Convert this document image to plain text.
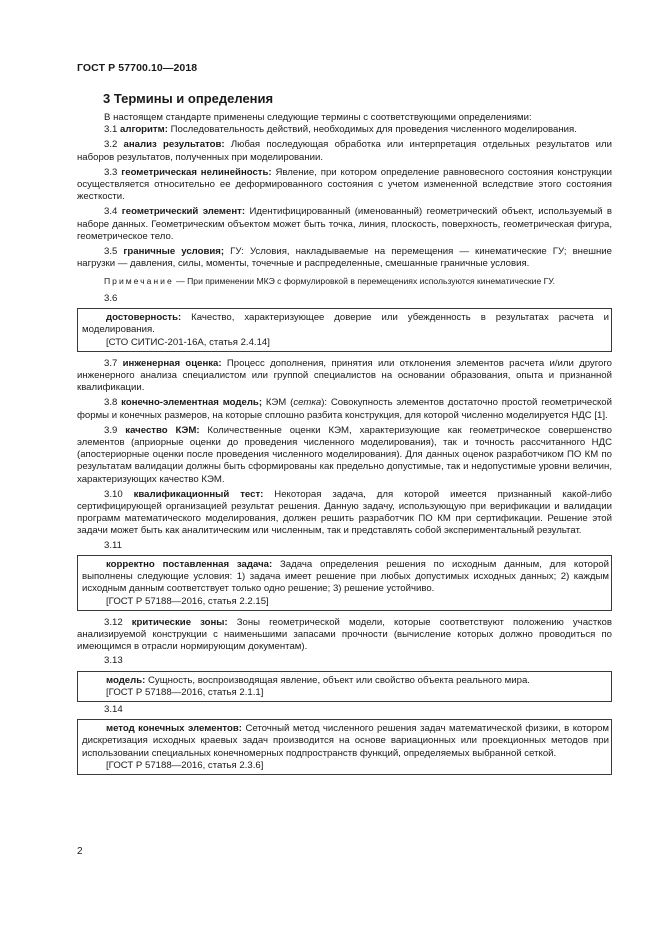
ГОСТ Р 57700.10—2018
3 Термины и определения

В настоящем стандарте применены следующие термины с соответствующими определениями:

3.1 алгоритм: Последовательность действий, необходимых для проведения численного моделирования.

3.2 анализ результатов: Любая последующая обработка или интерпретация отдельных результатов или наборов результатов, полученных при моделировании.

3.3 геометрическая нелинейность: Явление, при котором определение равновесного состояния конструкции осуществляется относительно ее деформированного состояния с учетом измененной вследствие этого состояния жесткости.

3.4 геометрический элемент: Идентифицированный (именованный) геометрический объект, используемый в наборе данных. Геометрическим объектом может быть точка, линия, плоскость, поверхность, геометрическая фигура, геометрическое тело.

3.5 граничные условия; ГУ: Условия, накладываемые на перемещения — кинематические ГУ; внешние нагрузки — давления, силы, моменты, точечные и распределенные, смешанные граничные условия.

Примечание — При применении МКЭ с формулировкой в перемещениях используются кинематические ГУ.

3.6

достоверность: Качество, характеризующее доверие или убежденность в результатах расчета и моделирования.

[СТО СИТИС-201-16А, статья 2.4.14]

3.7 инженерная оценка: Процесс дополнения, принятия или отклонения элементов расчета и/или другого инженерного анализа специалистом или группой специалистов на основании образования, опыта и признанной квалификации.

3.8 конечно-элементная модель; КЭМ (сетка): Совокупность элементов достаточно простой геометрической формы и конечных размеров, на которые сплошно разбита конструкция, для которой численно моделируется НДС [1].

3.9 качество КЭМ: Количественные оценки КЭМ, характеризующие как геометрическое совершенство элементов (априорные оценки до проведения численного моделирования), так и точность рассчитанного НДС (апостериорные оценки после проведения численного моделирования). Для данных оценок разработчиком ПО КМ по результатам валидации должны быть сформированы как предельно допустимые, так и недопустимые уровни величин, характеризующих качество КЭМ.

3.10 квалификационный тест: Некоторая задача, для которой имеется признанный какой-либо сертифицирующей организацией результат решения. Данную задачу, использующую при верификации и валидации программ математического моделирования, должен решить разработчик ПО КМ при сертификации. Решение этой задачи может быть как аналитическим или численным, так и представлять собой экспериментальный результат.

3.11

корректно поставленная задача: Задача определения решения по исходным данным, для которой выполнены следующие условия: 1) задача имеет решение при любых допустимых исходных данных; 2) каждым исходным данным соответствует только одно решение; 3) решение устойчиво.

[ГОСТ Р 57188—2016, статья 2.2.15]

3.12 критические зоны: Зоны геометрической модели, которые соответствуют положению участков анализируемой конструкции с наименьшими запасами прочности (вычисление которых должно проводиться по имеющимся в отрасли нормирующим документам).

3.13

модель: Сущность, воспроизводящая явление, объект или свойство объекта реального мира.

[ГОСТ Р 57188—2016, статья 2.1.1]

3.14

метод конечных элементов: Сеточный метод численного решения задач математической физики, в котором дискретизация исходных краевых задач производится на основе вариационных или проекционных методов при использовании специальных конечномерных подпространств функций, определяемых выбранной сеткой.

[ГОСТ Р 57188—2016, статья 2.3.6]

2
